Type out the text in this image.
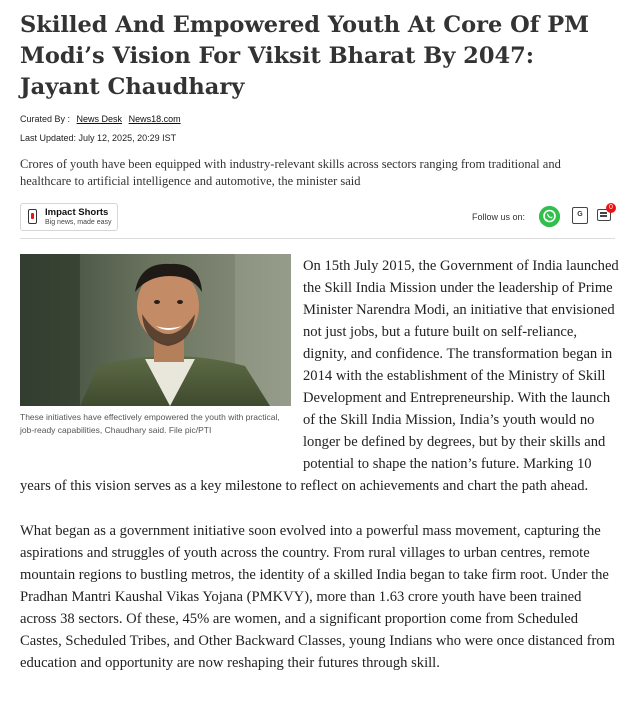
Skilled And Empowered Youth At Core Of PM Modi’s Vision For Viksit Bharat By 2047: Jayant Chaudhary
Curated By : News Desk News18.com
Last Updated: July 12, 2025, 20:29 IST

Crores of youth have been equipped with industry-relevant skills across sectors ranging from traditional and healthcare to artificial intelligence and automotive, the minister said

Impact Shorts
Big news, made easy
Follow us on:	G
0
These initiatives have effectively empowered the youth with practical, job-ready capabilities, Chaudhary said. File pic/PTI

On 15th July 2015, the Government of India launched the Skill India Mission under the leadership of Prime Minister Narendra Modi, an initiative that envisioned not just jobs, but a future built on self-reliance, dignity, and confidence. The transformation began in 2014 with the establishment of the Ministry of Skill Development and Entrepreneurship. With the launch of the Skill India Mission, India’s youth would no longer be defined by degrees, but by their skills and potential to shape the nation’s future. Marking 10 years of this vision serves as a key milestone to reflect on achievements and chart the path ahead.

What began as a government initiative soon evolved into a powerful mass movement, capturing the aspirations and struggles of youth across the country. From rural villages to urban centres, remote mountain regions to bustling metros, the identity of a skilled India began to take firm root. Under the Pradhan Mantri Kaushal Vikas Yojana (PMKVY), more than 1.63 crore youth have been trained across 38 sectors. Of these, 45% are women, and a significant proportion come from Scheduled Castes, Scheduled Tribes, and Other Backward Classes, young Indians who were once distanced from education and opportunity are now reshaping their futures through skill.
